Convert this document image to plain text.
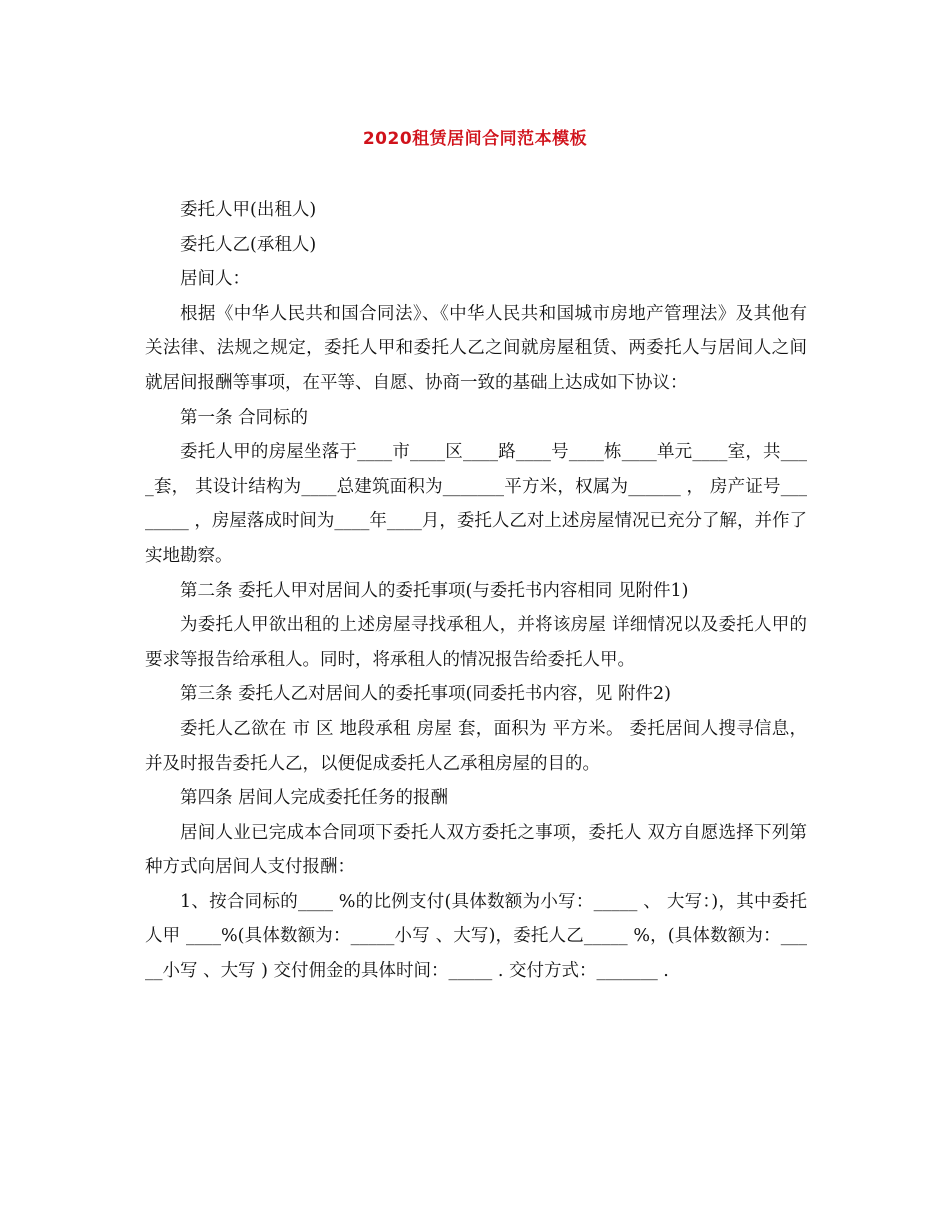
2020租赁居间合同范本模板

委托人甲(出租人)

委托人乙(承租人)

居间人：

根据《中华人民共和国合同法》、《中华人民共和国城市房地产管理法》及其他有关法律、法规之规定，委托人甲和委托人乙之间就房屋租赁、两委托人与居间人之间就居间报酬等事项，在平等、自愿、协商一致的基础上达成如下协议：

第一条 合同标的

委托人甲的房屋坐落于____市____区____路____号____栋____单元____室，共____套， 其设计结构为____总建筑面积为_______平方米，权属为______ ， 房产证号________ ，房屋落成时间为____年____月，委托人乙对上述房屋情况已充分了解，并作了实地勘察。

第二条 委托人甲对居间人的委托事项(与委托书内容相同 见附件1)

为委托人甲欲出租的上述房屋寻找承租人，并将该房屋 详细情况以及委托人甲的要求等报告给承租人。同时，将承租人的情况报告给委托人甲。

第三条 委托人乙对居间人的委托事项(同委托书内容，见 附件2)

委托人乙欲在 市 区 地段承租 房屋 套，面积为 平方米。 委托居间人搜寻信息，并及时报告委托人乙，以便促成委托人乙承租房屋的目的。

第四条 居间人完成委托任务的报酬

居间人业已完成本合同项下委托人双方委托之事项，委托人 双方自愿选择下列第 种方式向居间人支付报酬：

1、按合同标的____ %的比例支付(具体数额为小写：_____ 、 大写：)，其中委托人甲 ____%(具体数额为：_____小写 、大写)，委托人乙_____ %，(具体数额为：_____小写 、大写 ) 交付佣金的具体时间：_____ . 交付方式：_______ .
